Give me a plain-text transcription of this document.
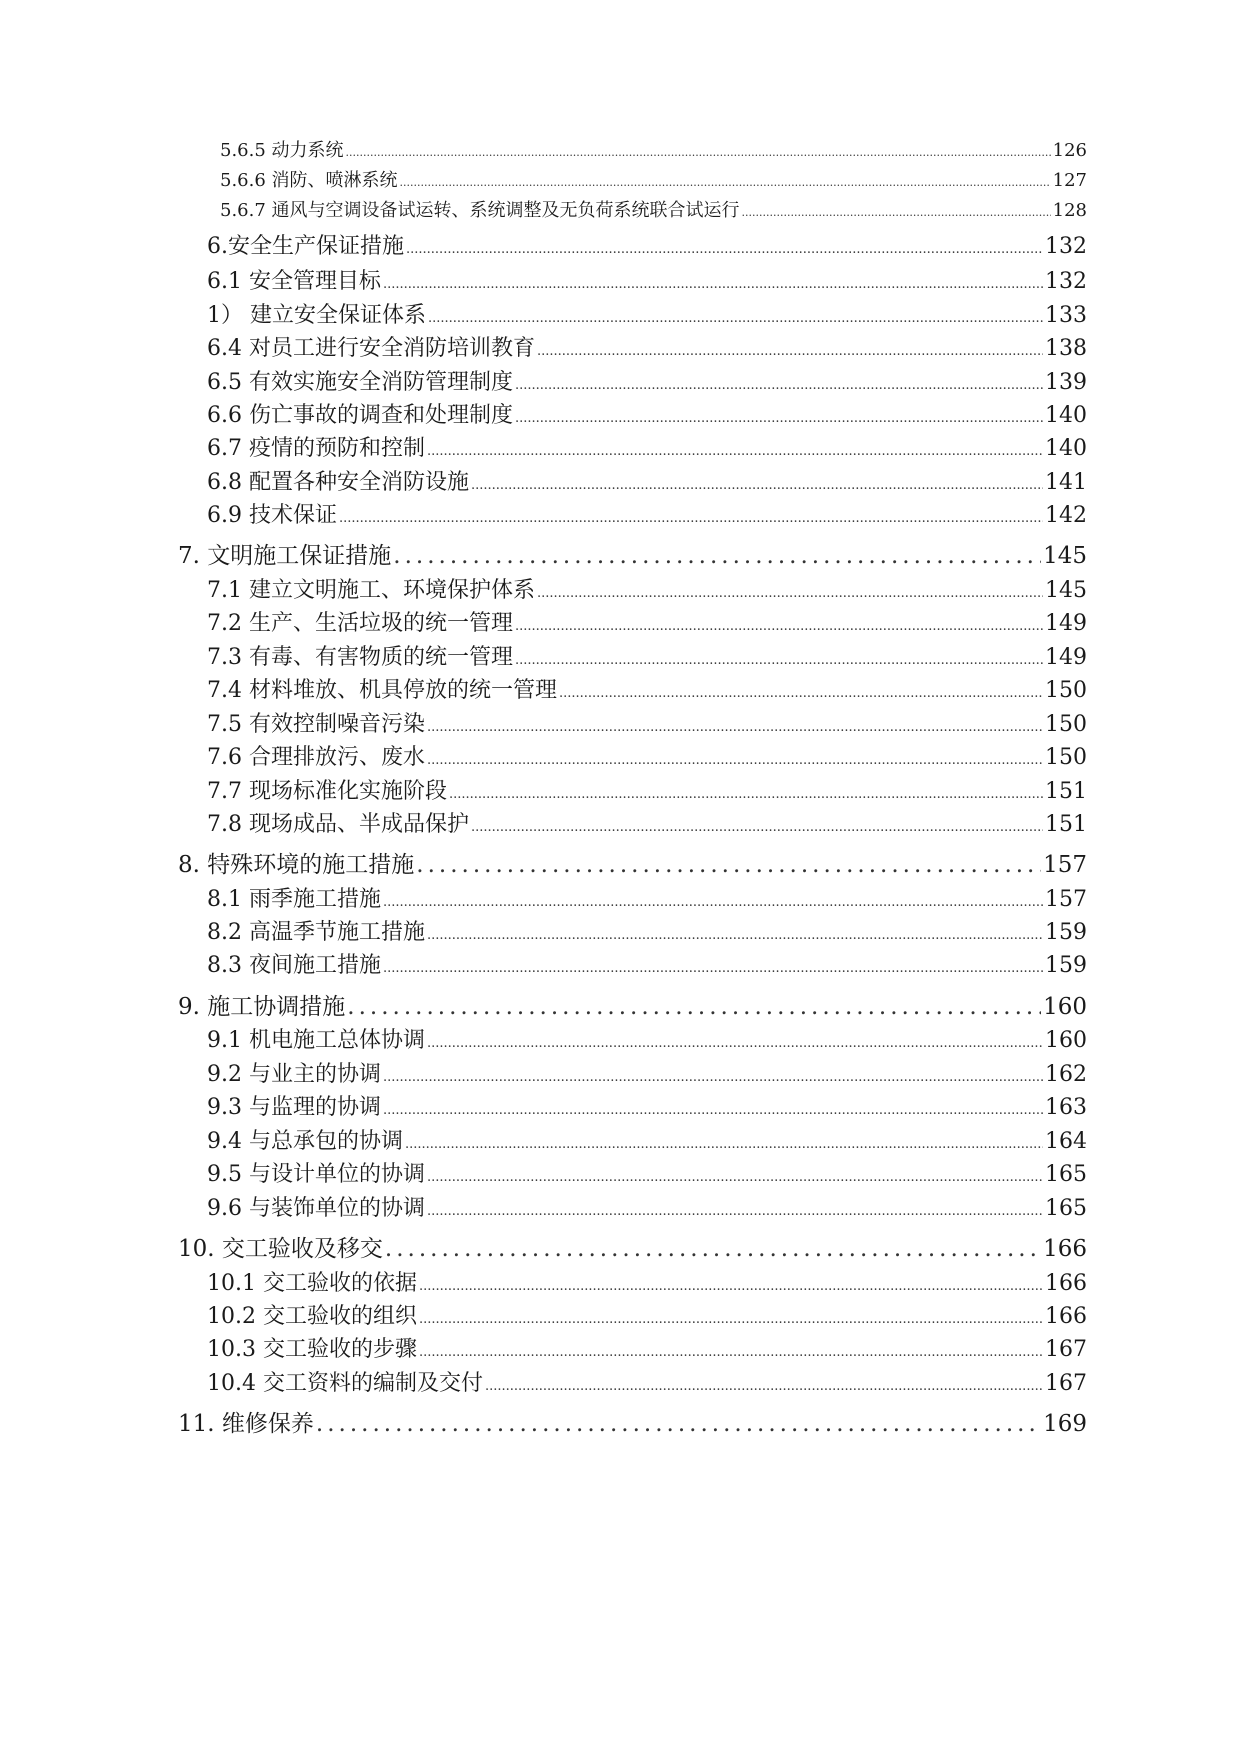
5.6.5 动力系统 .....	126
5.6.6 消防、喷淋系统 .....	127
5.6.7 通风与空调设备试运转、系统调整及无负荷系统联合试运行 .....	128
6.安全生产保证措施 .....	132
6.1 安全管理目标 .....	132
1） 建立安全保证体系 .....	133
6.4 对员工进行安全消防培训教育 .....	138
6.5 有效实施安全消防管理制度 .....	139
6.6 伤亡事故的调查和处理制度 .....	140
6.7 疫情的预防和控制 .....	140
6.8 配置各种安全消防设施 .....	141
6.9 技术保证 .....	142
7. 文明施工保证措施 .....	145
7.1 建立文明施工、环境保护体系 .....	145
7.2 生产、生活垃圾的统一管理 .....	149
7.3 有毒、有害物质的统一管理 .....	149
7.4 材料堆放、机具停放的统一管理 .....	150
7.5 有效控制噪音污染 .....	150
7.6 合理排放污、废水 .....	150
7.7 现场标准化实施阶段 .....	151
7.8 现场成品、半成品保护 .....	151
8. 特殊环境的施工措施 .....	157
8.1 雨季施工措施 .....	157
8.2 高温季节施工措施 .....	159
8.3 夜间施工措施 .....	159
9. 施工协调措施 .....	160
9.1 机电施工总体协调 .....	160
9.2 与业主的协调 .....	162
9.3 与监理的协调 .....	163
9.4 与总承包的协调 .....	164
9.5 与设计单位的协调 .....	165
9.6 与装饰单位的协调 .....	165
10. 交工验收及移交 .....	166
10.1 交工验收的依据 .....	166
10.2 交工验收的组织 .....	166
10.3 交工验收的步骤 .....	167
10.4 交工资料的编制及交付 .....	167
11. 维修保养 .....	169
